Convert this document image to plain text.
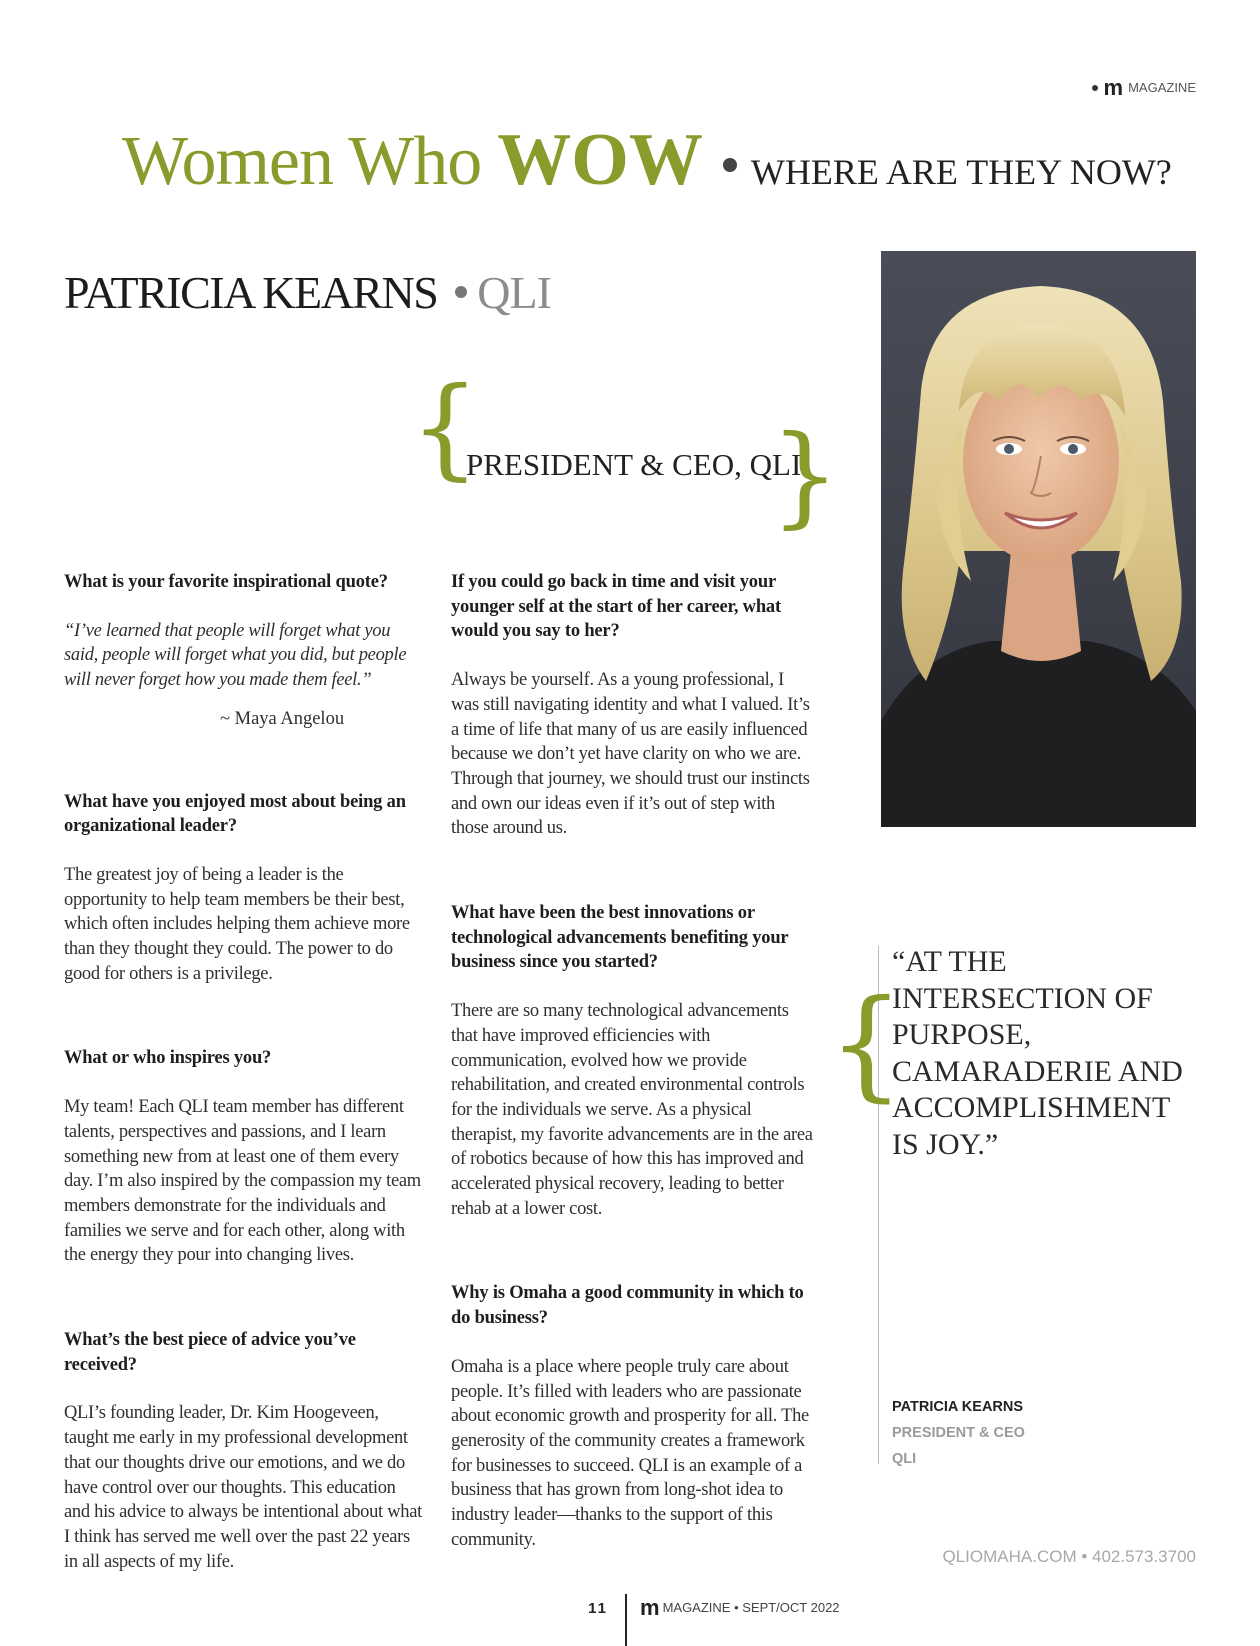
m MAGAZINE
Women Who WOW WHERE ARE THEY NOW?
PATRICIA KEARNS QLI
{
PRESIDENT & CEO, QLI
}

What is your favorite inspirational quote?

“I’ve learned that people will forget what you said, people will forget what you did, but people will never forget how you made them feel.”

~ Maya Angelou

What have you enjoyed most about being an organizational leader?

The greatest joy of being a leader is the opportunity to help team members be their best, which often includes helping them achieve more than they thought they could. The power to do good for others is a privilege.

What or who inspires you?

My team! Each QLI team member has different talents, perspectives and passions, and I learn something new from at least one of them every day. I’m also inspired by the compassion my team members demonstrate for the individuals and families we serve and for each other, along with the energy they pour into changing lives.

What’s the best piece of advice you’ve received?

QLI’s founding leader, Dr. Kim Hoogeveen, taught me early in my professional development that our thoughts drive our emotions, and we do have control over our thoughts. This education and his advice to always be intentional about what I think has served me well over the past 22 years in all aspects of my life.

If you could go back in time and visit your younger self at the start of her career, what would you say to her?

Always be yourself. As a young professional, I was still navigating identity and what I valued. It’s a time of life that many of us are easily influenced because we don’t yet have clarity on who we are. Through that journey, we should trust our instincts and own our ideas even if it’s out of step with those around us.

What have been the best innovations or technological advancements benefiting your business since you started?

There are so many technological advancements that have improved efficiencies with communication, evolved how we provide rehabilitation, and created environmental controls for the individuals we serve. As a physical therapist, my favorite advancements are in the area of robotics because of how this has improved and accelerated physical recovery, leading to better rehab at a lower cost.

Why is Omaha a good community in which to do business?

Omaha is a place where people truly care about people. It’s filled with leaders who are passionate about economic growth and prosperity for all. The generosity of the community creates a framework for businesses to succeed. QLI is an example of a business that has grown from long-shot idea to industry leader—thanks to the support of this community.

{
“AT THE INTERSECTION OF PURPOSE, CAMARADERIE AND ACCOMPLISHMENT IS JOY.”
PATRICIA KEARNS
PRESIDENT & CEO
QLI
QLIOMAHA.COM • 402.573.3700
11 m MAGAZINE • SEPT/OCT 2022
